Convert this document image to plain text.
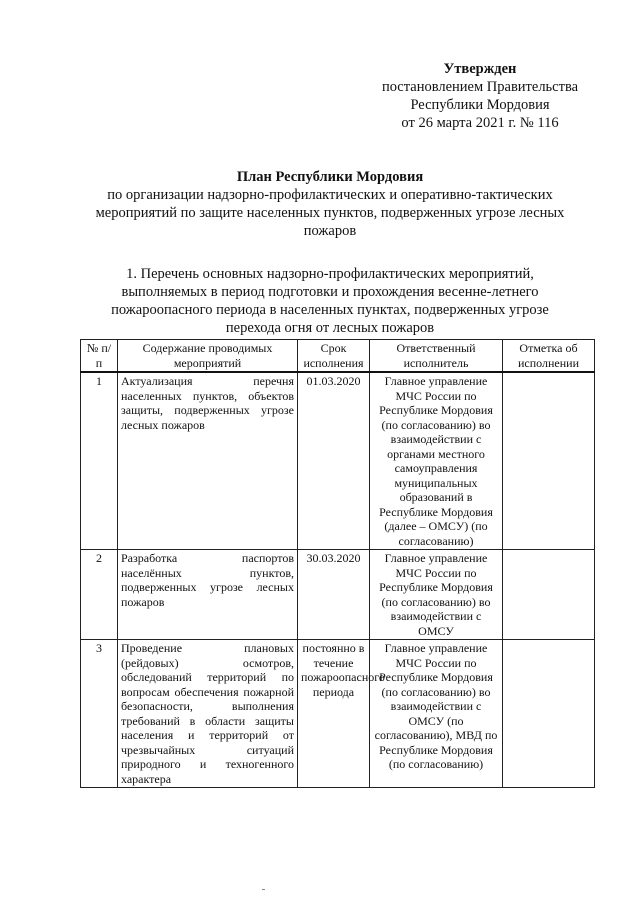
Утвержден
постановлением Правительства
Республики Мордовия
от 26 марта 2021 г. № 116
План Республики Мордовия
по организации надзорно-профилактических и оперативно-тактических
мероприятий по защите населенных пунктов, подверженных угрозе лесных
пожаров
1. Перечень основных надзорно-профилактических мероприятий,
выполняемых в период подготовки и прохождения весенне-летнего
пожароопасного периода в населенных пунктах, подверженных угрозе
перехода огня от лесных пожаров
№ п/п	Содержание проводимых мероприятий	Срок исполнения	Ответственный исполнитель	Отметка об исполнении
1	Актуализация перечня населенных пунктов, объектов защиты, подверженных угрозе лесных пожаров	01.03.2020	Главное управление МЧС России по Республике Мордовия (по согласованию) во взаимодействии с органами местного самоуправления муниципальных образований в Республике Мордовия (далее – ОМСУ) (по согласованию)	
2	Разработка паспортов населённых пунктов, подверженных угрозе лесных пожаров	30.03.2020	Главное управление МЧС России по Республике Мордовия (по согласованию) во взаимодействии с ОМСУ	
3	Проведение плановых (рейдовых) осмотров, обследований территорий по вопросам обеспечения пожарной безопасности, выполнения требований в области защиты населения и территорий от чрезвычайных ситуаций природного и техногенного характера	постоянно в течение пожароопасного периода	Главное управление МЧС России по Республике Мордовия (по согласованию) во взаимодействии с ОМСУ (по согласованию), МВД по Республике Мордовия (по согласованию)	
